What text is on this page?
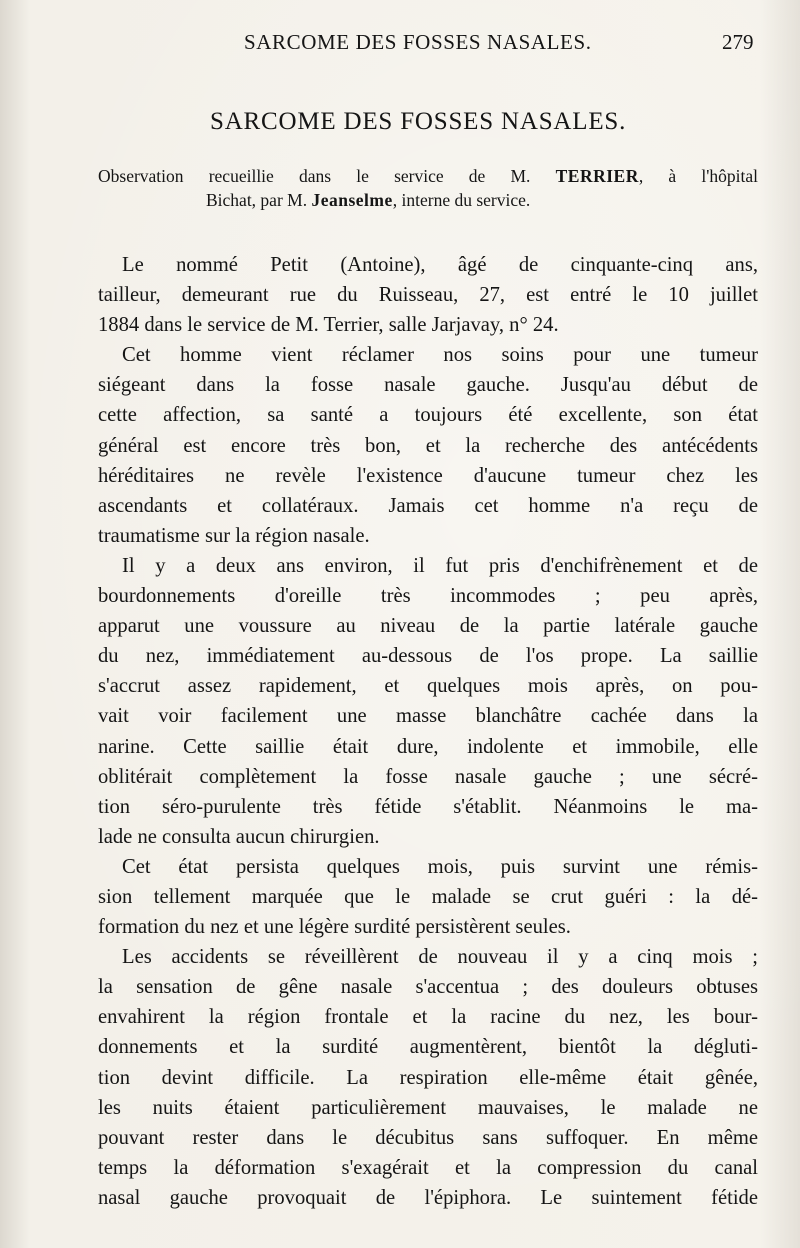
SARCOME DES FOSSES NASALES.	279
SARCOME DES FOSSES NASALES.
Observation recueillie dans le service de M. TERRIER, à l'hôpital
Bichat, par M. Jeanselme, interne du service.
Le nommé Petit (Antoine), âgé de cinquante-cinq ans,
tailleur, demeurant rue du Ruisseau, 27, est entré le 10 juillet
1884 dans le service de M. Terrier, salle Jarjavay, n° 24.
Cet homme vient réclamer nos soins pour une tumeur
siégeant dans la fosse nasale gauche. Jusqu'au début de
cette affection, sa santé a toujours été excellente, son état
général est encore très bon, et la recherche des antécédents
héréditaires ne revèle l'existence d'aucune tumeur chez les
ascendants et collatéraux. Jamais cet homme n'a reçu de
traumatisme sur la région nasale.
Il y a deux ans environ, il fut pris d'enchifrènement et de
bourdonnements d'oreille très incommodes ; peu après,
apparut une voussure au niveau de la partie latérale gauche
du nez, immédiatement au-dessous de l'os prope. La saillie
s'accrut assez rapidement, et quelques mois après, on pou-
vait voir facilement une masse blanchâtre cachée dans la
narine. Cette saillie était dure, indolente et immobile, elle
oblitérait complètement la fosse nasale gauche ; une sécré-
tion séro-purulente très fétide s'établit. Néanmoins le ma-
lade ne consulta aucun chirurgien.
Cet état persista quelques mois, puis survint une rémis-
sion tellement marquée que le malade se crut guéri : la dé-
formation du nez et une légère surdité persistèrent seules.
Les accidents se réveillèrent de nouveau il y a cinq mois ;
la sensation de gêne nasale s'accentua ; des douleurs obtuses
envahirent la région frontale et la racine du nez, les bour-
donnements et la surdité augmentèrent, bientôt la dégluti-
tion devint difficile. La respiration elle-même était gênée,
les nuits étaient particulièrement mauvaises, le malade ne
pouvant rester dans le décubitus sans suffoquer. En même
temps la déformation s'exagérait et la compression du canal
nasal gauche provoquait de l'épiphora. Le suintement fétide
